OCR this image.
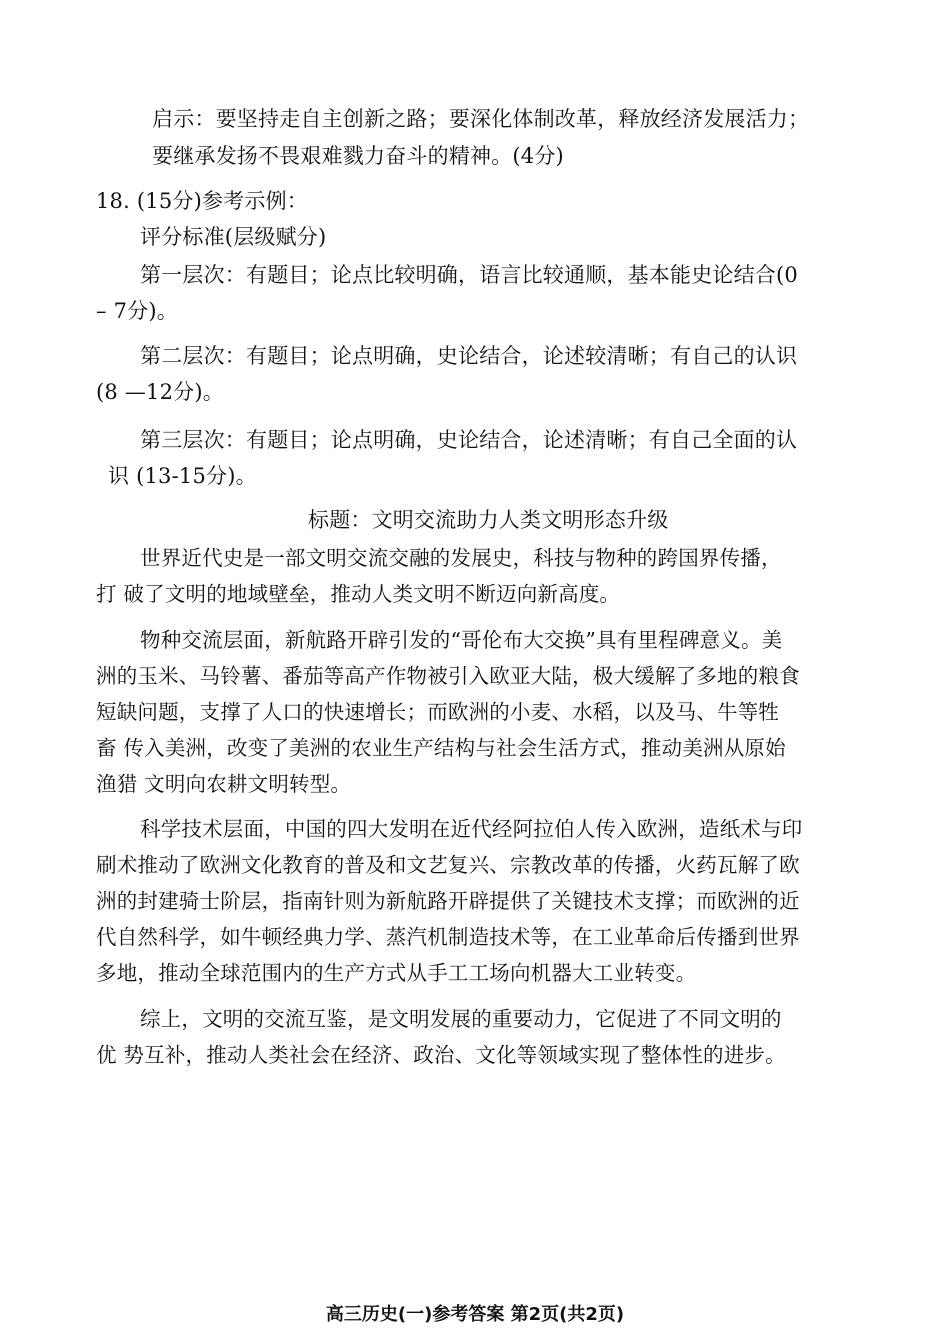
启示：要坚持走自主创新之路；要深化体制改革，释放经济发展活力；
要继承发扬不畏艰难戮力奋斗的精神。(4分)
18. (15分)参考示例：
评分标准(层级赋分)
第一层次：有题目；论点比较明确，语言比较通顺，基本能史论结合(0
– 7分)。
第二层次：有题目；论点明确，史论结合，论述较清晰；有自己的认识
(8 —12分)。
第三层次：有题目；论点明确，史论结合，论述清晰；有自己全面的认
识 (13-15分)。
标题：文明交流助力人类文明形态升级
世界近代史是一部文明交流交融的发展史，科技与物种的跨国界传播，
打 破了文明的地域壁垒，推动人类文明不断迈向新高度。
物种交流层面，新航路开辟引发的“哥伦布大交换”具有里程碑意义。美
洲的玉米、马铃薯、番茄等高产作物被引入欧亚大陆，极大缓解了多地的粮食
短缺问题，支撑了人口的快速增长；而欧洲的小麦、水稻，以及马、牛等牲
畜 传入美洲，改变了美洲的农业生产结构与社会生活方式，推动美洲从原始
渔猎 文明向农耕文明转型。
科学技术层面，中国的四大发明在近代经阿拉伯人传入欧洲，造纸术与印
刷术推动了欧洲文化教育的普及和文艺复兴、宗教改革的传播，火药瓦解了欧
洲的封建骑士阶层，指南针则为新航路开辟提供了关键技术支撑；而欧洲的近
代自然科学，如牛顿经典力学、蒸汽机制造技术等，在工业革命后传播到世界
多地，推动全球范围内的生产方式从手工工场向机器大工业转变。
综上，文明的交流互鉴，是文明发展的重要动力，它促进了不同文明的
优 势互补，推动人类社会在经济、政治、文化等领域实现了整体性的进步。
高三历史(一)参考答案 第2页(共2页)
